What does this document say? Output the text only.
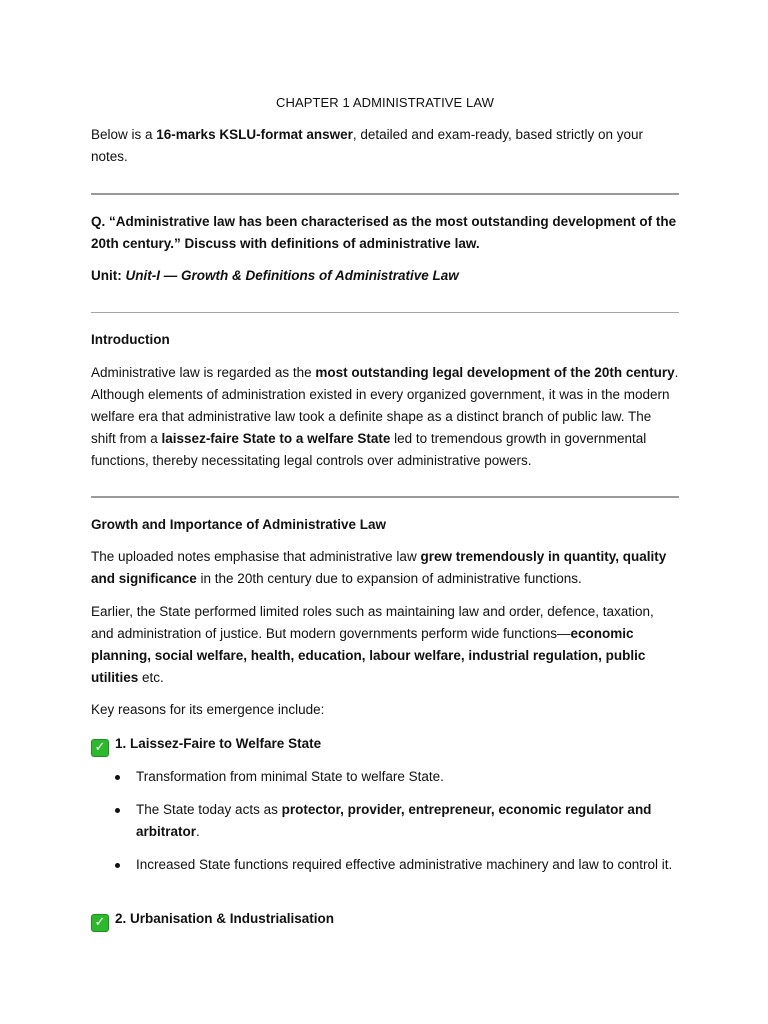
CHAPTER 1 ADMINISTRATIVE LAW
Below is a 16-marks KSLU-format answer, detailed and exam-ready, based strictly on your notes.
Q. “Administrative law has been characterised as the most outstanding development of the 20th century.” Discuss with definitions of administrative law.
Unit: Unit-I — Growth & Definitions of Administrative Law
Introduction
Administrative law is regarded as the most outstanding legal development of the 20th century. Although elements of administration existed in every organized government, it was in the modern welfare era that administrative law took a definite shape as a distinct branch of public law. The shift from a laissez-faire State to a welfare State led to tremendous growth in governmental functions, thereby necessitating legal controls over administrative powers.
Growth and Importance of Administrative Law
The uploaded notes emphasise that administrative law grew tremendously in quantity, quality and significance in the 20th century due to expansion of administrative functions.
Earlier, the State performed limited roles such as maintaining law and order, defence, taxation, and administration of justice. But modern governments perform wide functions—economic planning, social welfare, health, education, labour welfare, industrial regulation, public utilities etc.
Key reasons for its emergence include:
✓ 1. Laissez-Faire to Welfare State
Transformation from minimal State to welfare State.
The State today acts as protector, provider, entrepreneur, economic regulator and arbitrator.
Increased State functions required effective administrative machinery and law to control it.
✓ 2. Urbanisation & Industrialisation
